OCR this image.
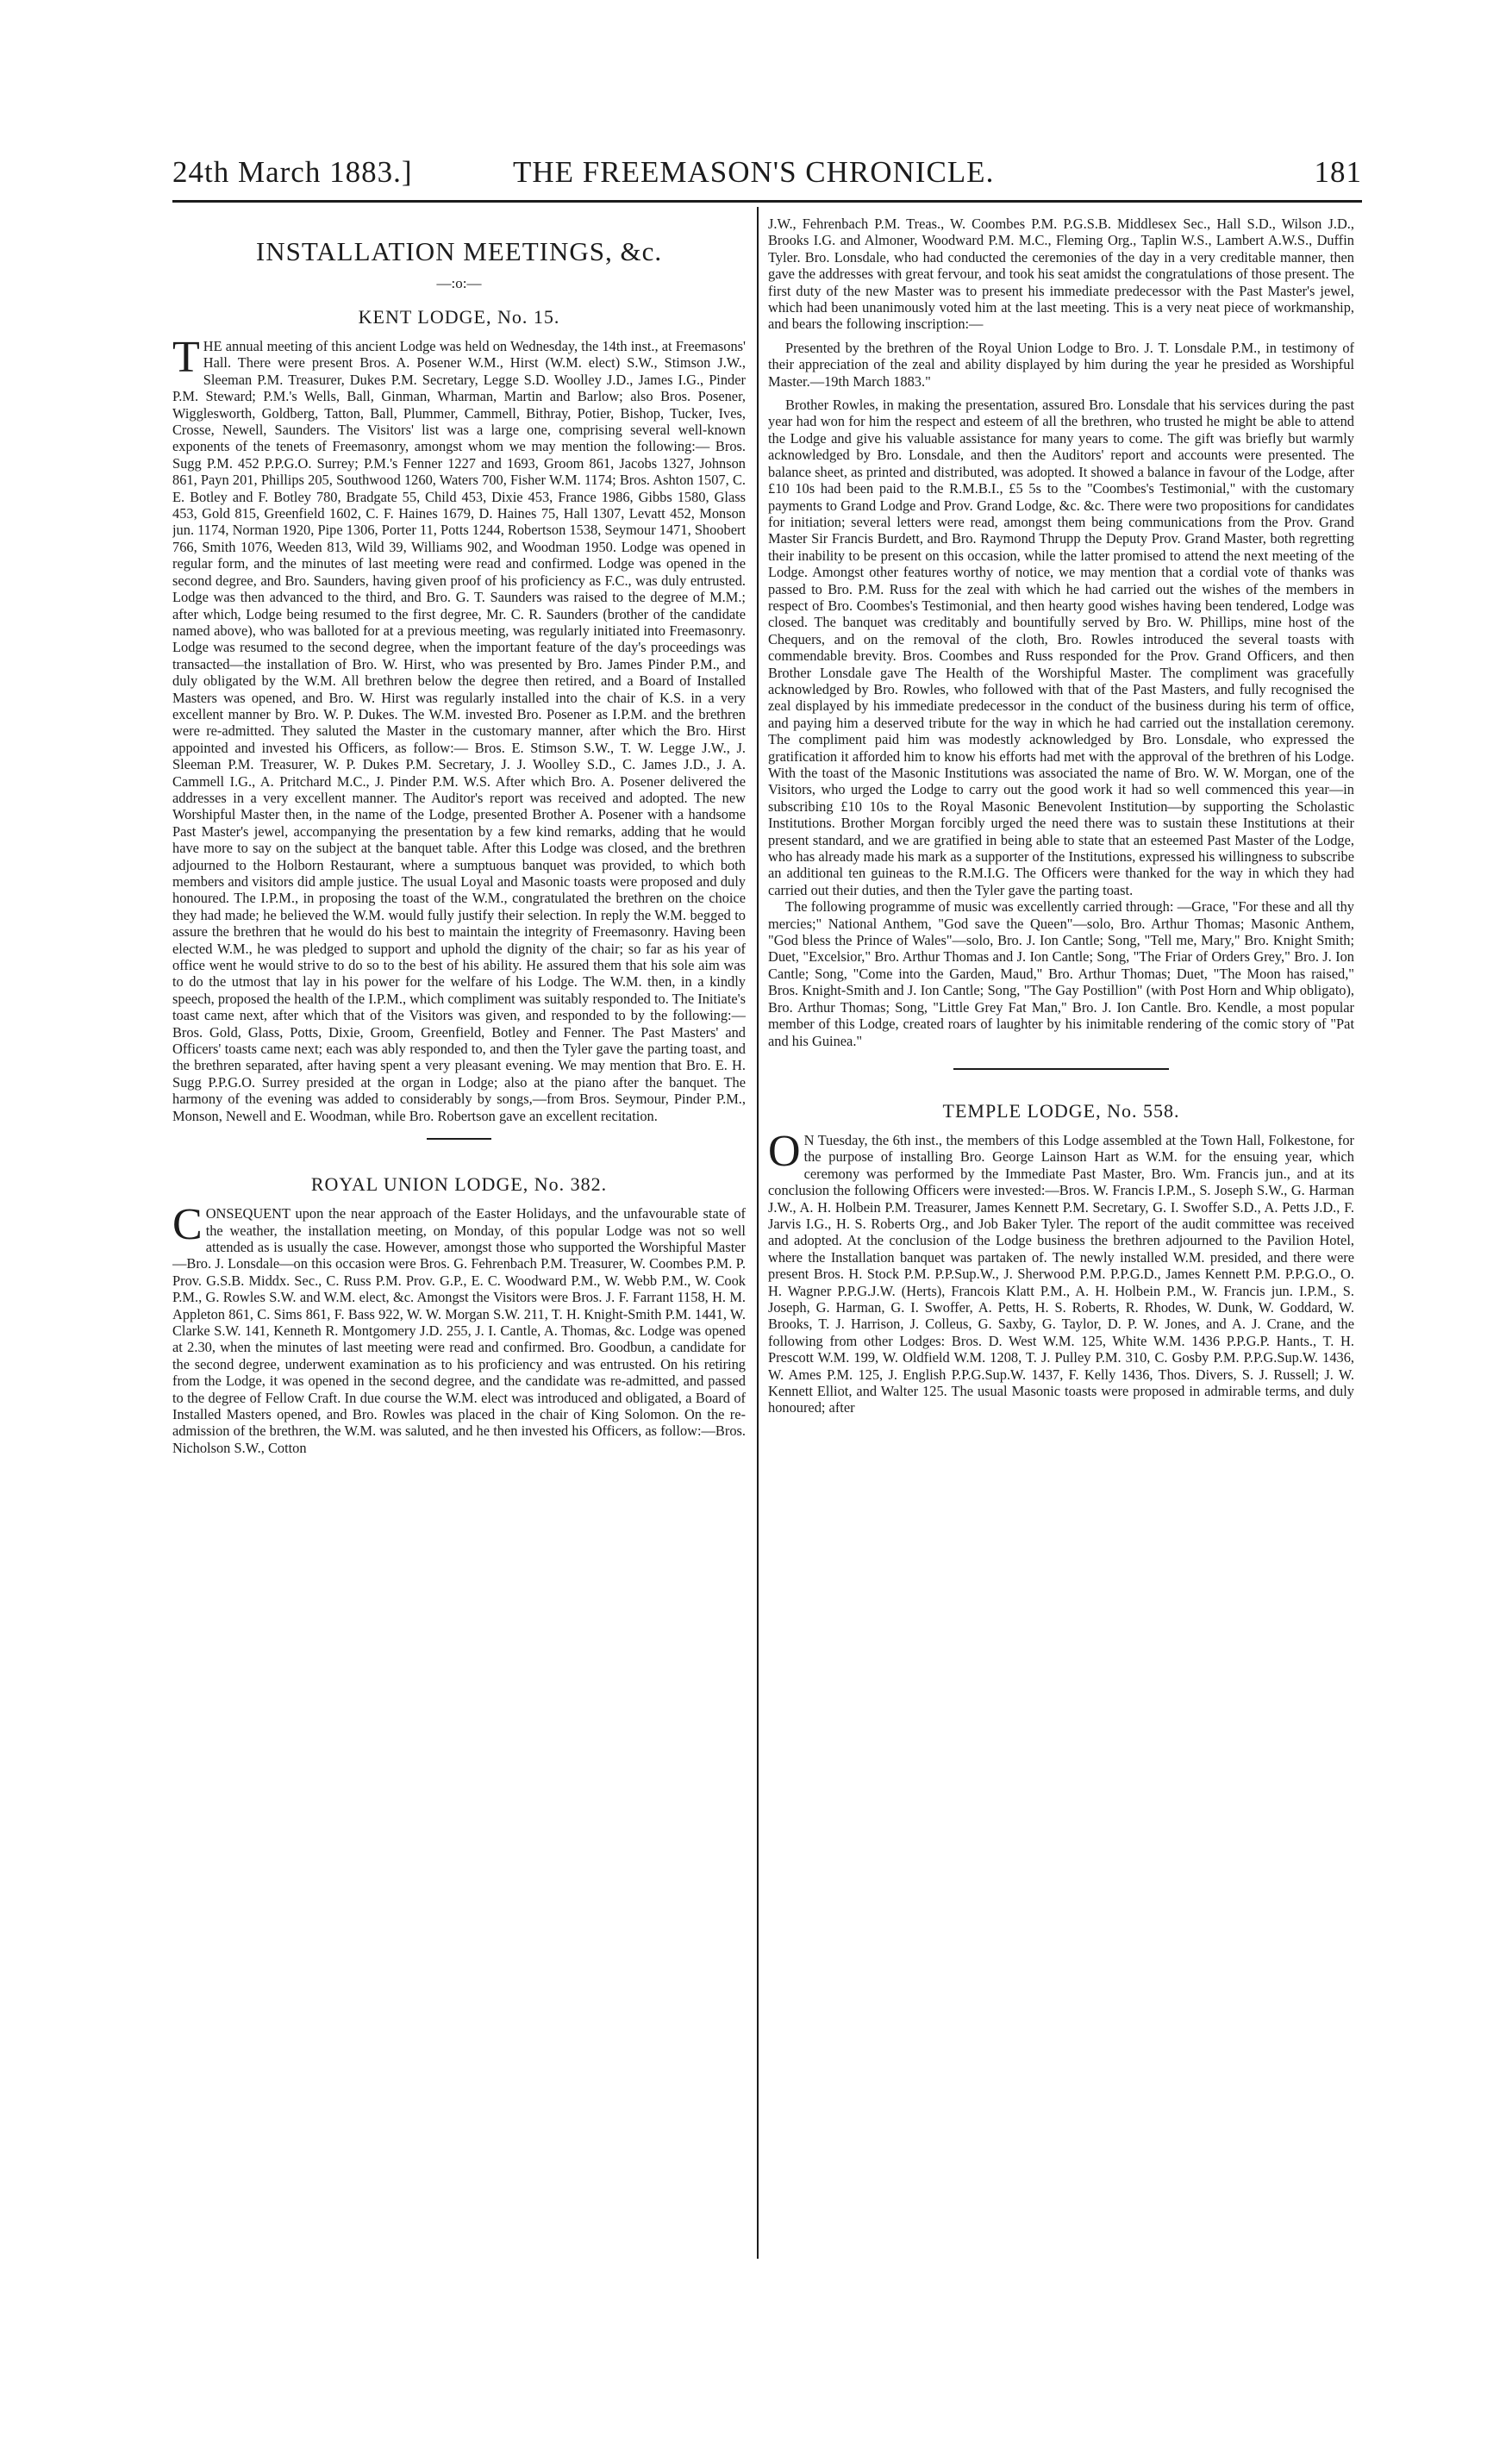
24th March 1883.]	THE FREEMASON'S CHRONICLE.	181
INSTALLATION MEETINGS, &c.
—:o:—
KENT LODGE, No. 15.

THE annual meeting of this ancient Lodge was held on Wednesday, the 14th inst., at Freemasons' Hall. There were present Bros. A. Posener W.M., Hirst (W.M. elect) S.W., Stimson J.W., Sleeman P.M. Treasurer, Dukes P.M. Secretary, Legge S.D. Woolley J.D., James I.G., Pinder P.M. Steward; P.M.'s Wells, Ball, Ginman, Wharman, Martin and Barlow; also Bros. Posener, Wigglesworth, Goldberg, Tatton, Ball, Plummer, Cammell, Bithray, Potier, Bishop, Tucker, Ives, Crosse, Newell, Saunders. The Visitors' list was a large one, comprising several well-known exponents of the tenets of Freemasonry, amongst whom we may mention the following:— Bros. Sugg P.M. 452 P.P.G.O. Surrey; P.M.'s Fenner 1227 and 1693, Groom 861, Jacobs 1327, Johnson 861, Payn 201, Phillips 205, Southwood 1260, Waters 700, Fisher W.M. 1174; Bros. Ashton 1507, C. E. Botley and F. Botley 780, Bradgate 55, Child 453, Dixie 453, France 1986, Gibbs 1580, Glass 453, Gold 815, Greenfield 1602, C. F. Haines 1679, D. Haines 75, Hall 1307, Levatt 452, Monson jun. 1174, Norman 1920, Pipe 1306, Porter 11, Potts 1244, Robertson 1538, Seymour 1471, Shoobert 766, Smith 1076, Weeden 813, Wild 39, Williams 902, and Woodman 1950. Lodge was opened in regular form, and the minutes of last meeting were read and confirmed. Lodge was opened in the second degree, and Bro. Saunders, having given proof of his proficiency as F.C., was duly entrusted. Lodge was then advanced to the third, and Bro. G. T. Saunders was raised to the degree of M.M.; after which, Lodge being resumed to the first degree, Mr. C. R. Saunders (brother of the candidate named above), who was balloted for at a previous meeting, was regularly initiated into Freemasonry. Lodge was resumed to the second degree, when the important feature of the day's proceedings was transacted—the installation of Bro. W. Hirst, who was presented by Bro. James Pinder P.M., and duly obligated by the W.M. All brethren below the degree then retired, and a Board of Installed Masters was opened, and Bro. W. Hirst was regularly installed into the chair of K.S. in a very excellent manner by Bro. W. P. Dukes. The W.M. invested Bro. Posener as I.P.M. and the brethren were re-admitted. They saluted the Master in the customary manner, after which the Bro. Hirst appointed and invested his Officers, as follow:— Bros. E. Stimson S.W., T. W. Legge J.W., J. Sleeman P.M. Treasurer, W. P. Dukes P.M. Secretary, J. J. Woolley S.D., C. James J.D., J. A. Cammell I.G., A. Pritchard M.C., J. Pinder P.M. W.S. After which Bro. A. Posener delivered the addresses in a very excellent manner. The Auditor's report was received and adopted. The new Worshipful Master then, in the name of the Lodge, presented Brother A. Posener with a handsome Past Master's jewel, accompanying the presentation by a few kind remarks, adding that he would have more to say on the subject at the banquet table. After this Lodge was closed, and the brethren adjourned to the Holborn Restaurant, where a sumptuous banquet was provided, to which both members and visitors did ample justice. The usual Loyal and Masonic toasts were proposed and duly honoured. The I.P.M., in proposing the toast of the W.M., congratulated the brethren on the choice they had made; he believed the W.M. would fully justify their selection. In reply the W.M. begged to assure the brethren that he would do his best to maintain the integrity of Freemasonry. Having been elected W.M., he was pledged to support and uphold the dignity of the chair; so far as his year of office went he would strive to do so to the best of his ability. He assured them that his sole aim was to do the utmost that lay in his power for the welfare of his Lodge. The W.M. then, in a kindly speech, proposed the health of the I.P.M., which compliment was suitably responded to. The Initiate's toast came next, after which that of the Visitors was given, and responded to by the following:—Bros. Gold, Glass, Potts, Dixie, Groom, Greenfield, Botley and Fenner. The Past Masters' and Officers' toasts came next; each was ably responded to, and then the Tyler gave the parting toast, and the brethren separated, after having spent a very pleasant evening. We may mention that Bro. E. H. Sugg P.P.G.O. Surrey presided at the organ in Lodge; also at the piano after the banquet. The harmony of the evening was added to considerably by songs,—from Bros. Seymour, Pinder P.M., Monson, Newell and E. Woodman, while Bro. Robertson gave an excellent recitation.

ROYAL UNION LODGE, No. 382.

CONSEQUENT upon the near approach of the Easter Holidays, and the unfavourable state of the weather, the installation meeting, on Monday, of this popular Lodge was not so well attended as is usually the case. However, amongst those who supported the Worshipful Master—Bro. J. Lonsdale—on this occasion were Bros. G. Fehrenbach P.M. Treasurer, W. Coombes P.M. P. Prov. G.S.B. Middx. Sec., C. Russ P.M. Prov. G.P., E. C. Woodward P.M., W. Webb P.M., W. Cook P.M., G. Rowles S.W. and W.M. elect, &c. Amongst the Visitors were Bros. J. F. Farrant 1158, H. M. Appleton 861, C. Sims 861, F. Bass 922, W. W. Morgan S.W. 211, T. H. Knight-Smith P.M. 1441, W. Clarke S.W. 141, Kenneth R. Montgomery J.D. 255, J. I. Cantle, A. Thomas, &c. Lodge was opened at 2.30, when the minutes of last meeting were read and confirmed. Bro. Goodbun, a candidate for the second degree, underwent examination as to his proficiency and was entrusted. On his retiring from the Lodge, it was opened in the second degree, and the candidate was re-admitted, and passed to the degree of Fellow Craft. In due course the W.M. elect was introduced and obligated, a Board of Installed Masters opened, and Bro. Rowles was placed in the chair of King Solomon. On the re-admission of the brethren, the W.M. was saluted, and he then invested his Officers, as follow:—Bros. Nicholson S.W., Cotton

J.W., Fehrenbach P.M. Treas., W. Coombes P.M. P.G.S.B. Middlesex Sec., Hall S.D., Wilson J.D., Brooks I.G. and Almoner, Woodward P.M. M.C., Fleming Org., Taplin W.S., Lambert A.W.S., Duffin Tyler. Bro. Lonsdale, who had conducted the ceremonies of the day in a very creditable manner, then gave the addresses with great fervour, and took his seat amidst the congratulations of those present. The first duty of the new Master was to present his immediate predecessor with the Past Master's jewel, which had been unanimously voted him at the last meeting. This is a very neat piece of workmanship, and bears the following inscription:—

Presented by the brethren of the Royal Union Lodge to Bro. J. T. Lonsdale P.M., in testimony of their appreciation of the zeal and ability displayed by him during the year he presided as Worshipful Master.—19th March 1883."

Brother Rowles, in making the presentation, assured Bro. Lonsdale that his services during the past year had won for him the respect and esteem of all the brethren, who trusted he might be able to attend the Lodge and give his valuable assistance for many years to come. The gift was briefly but warmly acknowledged by Bro. Lonsdale, and then the Auditors' report and accounts were presented. The balance sheet, as printed and distributed, was adopted. It showed a balance in favour of the Lodge, after £10 10s had been paid to the R.M.B.I., £5 5s to the "Coombes's Testimonial," with the customary payments to Grand Lodge and Prov. Grand Lodge, &c. &c. There were two propositions for candidates for initiation; several letters were read, amongst them being communications from the Prov. Grand Master Sir Francis Burdett, and Bro. Raymond Thrupp the Deputy Prov. Grand Master, both regretting their inability to be present on this occasion, while the latter promised to attend the next meeting of the Lodge. Amongst other features worthy of notice, we may mention that a cordial vote of thanks was passed to Bro. P.M. Russ for the zeal with which he had carried out the wishes of the members in respect of Bro. Coombes's Testimonial, and then hearty good wishes having been tendered, Lodge was closed. The banquet was creditably and bountifully served by Bro. W. Phillips, mine host of the Chequers, and on the removal of the cloth, Bro. Rowles introduced the several toasts with commendable brevity. Bros. Coombes and Russ responded for the Prov. Grand Officers, and then Brother Lonsdale gave The Health of the Worshipful Master. The compliment was gracefully acknowledged by Bro. Rowles, who followed with that of the Past Masters, and fully recognised the zeal displayed by his immediate predecessor in the conduct of the business during his term of office, and paying him a deserved tribute for the way in which he had carried out the installation ceremony. The compliment paid him was modestly acknowledged by Bro. Lonsdale, who expressed the gratification it afforded him to know his efforts had met with the approval of the brethren of his Lodge. With the toast of the Masonic Institutions was associated the name of Bro. W. W. Morgan, one of the Visitors, who urged the Lodge to carry out the good work it had so well commenced this year—in subscribing £10 10s to the Royal Masonic Benevolent Institution—by supporting the Scholastic Institutions. Brother Morgan forcibly urged the need there was to sustain these Institutions at their present standard, and we are gratified in being able to state that an esteemed Past Master of the Lodge, who has already made his mark as a supporter of the Institutions, expressed his willingness to subscribe an additional ten guineas to the R.M.I.G. The Officers were thanked for the way in which they had carried out their duties, and then the Tyler gave the parting toast.

The following programme of music was excellently carried through: —Grace, "For these and all thy mercies;" National Anthem, "God save the Queen"—solo, Bro. Arthur Thomas; Masonic Anthem, "God bless the Prince of Wales"—solo, Bro. J. Ion Cantle; Song, "Tell me, Mary," Bro. Knight Smith; Duet, "Excelsior," Bro. Arthur Thomas and J. Ion Cantle; Song, "The Friar of Orders Grey," Bro. J. Ion Cantle; Song, "Come into the Garden, Maud," Bro. Arthur Thomas; Duet, "The Moon has raised," Bros. Knight-Smith and J. Ion Cantle; Song, "The Gay Postillion" (with Post Horn and Whip obligato), Bro. Arthur Thomas; Song, "Little Grey Fat Man," Bro. J. Ion Cantle. Bro. Kendle, a most popular member of this Lodge, created roars of laughter by his inimitable rendering of the comic story of "Pat and his Guinea."

TEMPLE LODGE, No. 558.

O N Tuesday, the 6th inst., the members of this Lodge assembled at the Town Hall, Folkestone, for the purpose of installing Bro. George Lainson Hart as W.M. for the ensuing year, which ceremony was performed by the Immediate Past Master, Bro. Wm. Francis jun., and at its conclusion the following Officers were invested:—Bros. W. Francis I.P.M., S. Joseph S.W., G. Harman J.W., A. H. Holbein P.M. Treasurer, James Kennett P.M. Secretary, G. I. Swoffer S.D., A. Petts J.D., F. Jarvis I.G., H. S. Roberts Org., and Job Baker Tyler. The report of the audit committee was received and adopted. At the conclusion of the Lodge business the brethren adjourned to the Pavilion Hotel, where the Installation banquet was partaken of. The newly installed W.M. presided, and there were present Bros. H. Stock P.M. P.P.Sup.W., J. Sherwood P.M. P.P.G.D., James Kennett P.M. P.P.G.O., O. H. Wagner P.P.G.J.W. (Herts), Francois Klatt P.M., A. H. Holbein P.M., W. Francis jun. I.P.M., S. Joseph, G. Harman, G. I. Swoffer, A. Petts, H. S. Roberts, R. Rhodes, W. Dunk, W. Goddard, W. Brooks, T. J. Harrison, J. Colleus, G. Saxby, G. Taylor, D. P. W. Jones, and A. J. Crane, and the following from other Lodges: Bros. D. West W.M. 125, White W.M. 1436 P.P.G.P. Hants., T. H. Prescott W.M. 199, W. Oldfield W.M. 1208, T. J. Pulley P.M. 310, C. Gosby P.M. P.P.G.Sup.W. 1436, W. Ames P.M. 125, J. English P.P.G.Sup.W. 1437, F. Kelly 1436, Thos. Divers, S. J. Russell; J. W. Kennett Elliot, and Walter 125. The usual Masonic toasts were proposed in admirable terms, and duly honoured; after
